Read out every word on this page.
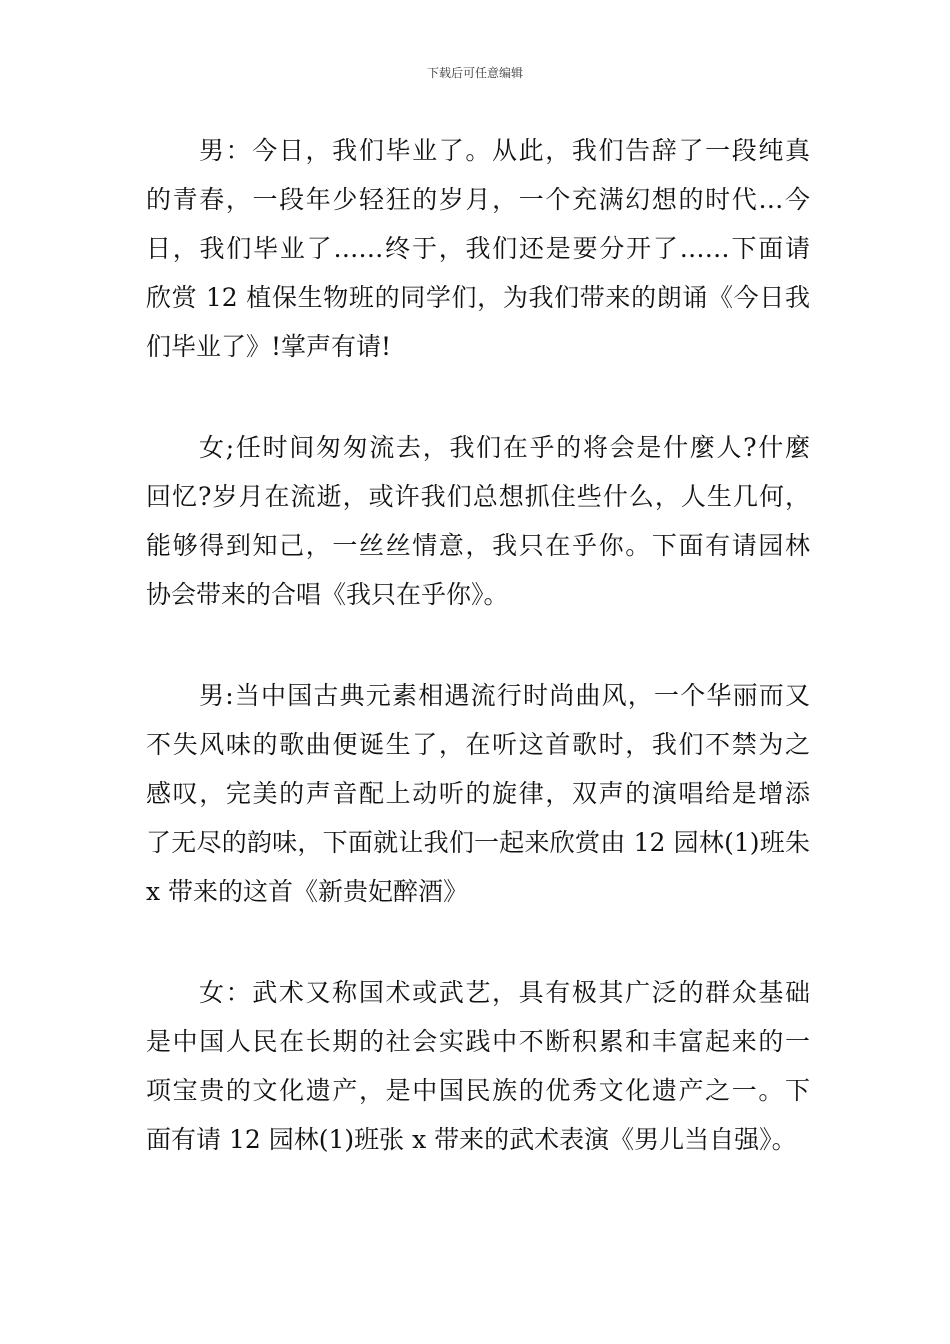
下载后可任意编辑

男：今日，我们毕业了。从此，我们告辞了一段纯真
的青春，一段年少轻狂的岁月，一个充满幻想的时代…今
日，我们毕业了……终于，我们还是要分开了……下面请
欣赏 12 植保生物班的同学们，为我们带来的朗诵《今日我
们毕业了》!掌声有请!

女;任时间匆匆流去，我们在乎的将会是什麼人?什麼
回忆?岁月在流逝，或许我们总想抓住些什么，人生几何，
能够得到知己，一丝丝情意，我只在乎你。下面有请园林
协会带来的合唱《我只在乎你》。

男:当中国古典元素相遇流行时尚曲风，一个华丽而又
不失风味的歌曲便诞生了，在听这首歌时，我们不禁为之
感叹，完美的声音配上动听的旋律，双声的演唱给是增添
了无尽的韵味，下面就让我们一起来欣赏由 12 园林(1)班朱
x 带来的这首《新贵妃醉酒》

女：武术又称国术或武艺，具有极其广泛的群众基础
是中国人民在长期的社会实践中不断积累和丰富起来的一
项宝贵的文化遗产，是中国民族的优秀文化遗产之一。下
面有请 12 园林(1)班张 x 带来的武术表演《男儿当自强》。
